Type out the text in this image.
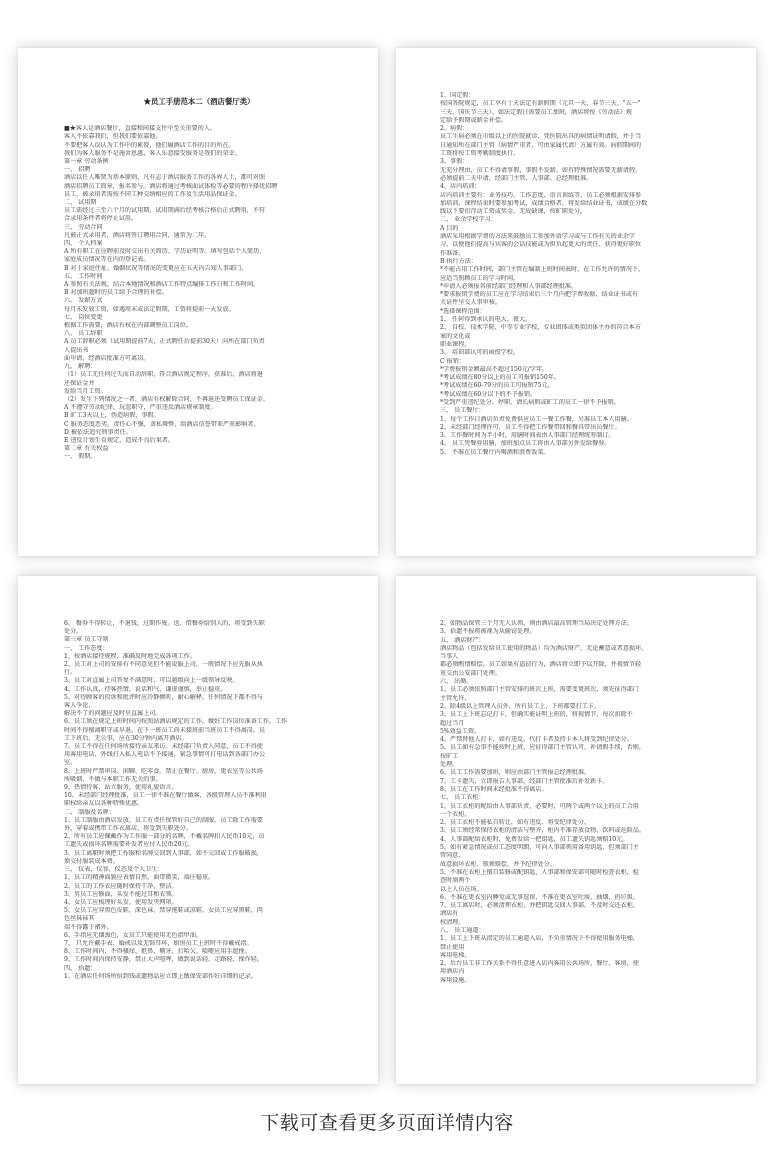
★员工手册范本二（酒店餐厅类）

■★客人是酒店餐厅，直接和间接支往中至关重要的人。
客人不依靠我们，但我们要依靠他。
不要把客人误认为工作中的累赘，他们履酒店工作的目的所在。
我们为客人服务不是施舍恩惠，客人乐意接受服务是我们的荣幸。
第一章 劳动条例
一、 招聘
酒店以任人唯贤为基本原则，凡有志于酒店服务工作的各界人士，都可对照
酒店招聘员工简章，报名参与。酒店将通过考核面试体检等必要的程序择优招聘
员工，被录用者需按不同工种交纳相应的工作及生活用品保证金。
二、 试用期
员工需经过三至六个月的试用期，试用期满后经考核合格后正式聘用，不符
合录用条件者将停止试用。
三、 劳动合同
凡被正式录用者，酒店将签订聘用合同，通常为二年。
四、 个人档案
A 所有职工在应聘前及时交出有关简历、学历证明等。填写包括个人简历、
家庭成员情况等在内的登记表。
B 对于家庭住址、婚姻状况等情况的变更应在五天内告知人事部门。
五、 工作时间
A 参照有关法规，结合本地情况和酒店工作特点编排工作日和工作时间。
B 对加班超时的员工给予合理的补偿。
六、 发薪方式
每月末发放工资，如遇周末或法定假期，工资将提前一天发放。
七、 岗位变更
根据工作需要，酒店有权在内部调整员工岗位。
八、 员工辞职
A 员工辞职必须（试用期提前7天，正式聘任后提前30天）向所在部门负责
人提出书
面申请，经酒店批准方可离岗。
九、 解聘：
（1）员工无任何过失而自动辞职，符合酒店规定程序，获准后，酒店将退
还保证金并
发给当月工资。
（2）发生下列情况之一者，酒店有权解除合同，不再退还受聘员工保证金。
A 不遵守劳动纪律，玩忽职守，严重违反酒店规章制度。
B 旷工3天以上，伪造病假，事假。
C 服务态度恶劣，责任心不强，贪私舞弊，给酒店信誉带来严重影响者。
D 被依法追究刑事责任。
E 违反计划生育规定，造成不良后果者。
第二章 有关权益
一、 假期。
1、国定假：
按国务院规定，员工享有十天法定有薪假期（元旦一天、春节三天、"五一"
三天、国庆节三天）。如法定假日需要员工加班，酒店将按《劳动法》规
定给予假期或薪金补偿。
2、病假：
员工生病必须在市级以上的医院就诊，凭医院出具的病情证明请假，并于当
日通知所在部门主管（病情严重者，可由家属代请）方属有效。病假期间的
工资将按工资考勤制度执行。
3、事假：
无充分理由，员工不得请事假，事假不发薪。如有特殊情况需要无薪请假，
必须提前二天申请，经部门主管、人事部、总经理批准。
4、店内培训：
店内培训主要有：业务技巧、工作态度、语言训练等，员工必须根据安排参
加培训，课程结束时要参加考试，成绩合格者，将发给结业证书，成绩在分数
线以下要扣浮动工资或奖金，无故缺课，按旷职处分。
二、 业余学校学习：
A 目的
酒店采用根据学费的方法来鼓励员工参加外语学习或与工作有关的业余学
习，以便他们提高与宾客的会话技能或为担负起更大的责任、获得更好职位
作准备。
B 执行方法：
*不能占用工作时间，部门主管在编制上班时间表时，在工作允许的情况下，
应适当照顾员工的学习时间。
*申请人必须报名前经部门经理和人事部经理批准。
*要求报销学费的员工应在学习结束后三个月内把学费收据、结业证书或有
关证件呈交人事审核。
*选择课程范围：
1、 任何得到承认的电大、夜大。
2、 自校、技术学院、中等专业学校、专业团体或类似团体主办的符合本方
案的文化或
职业课程。
3、 培训部认可的函授学校。
C 报销：
*学费报销金额最高不超过150元/学年。
*考试成绩在80分以上的员工可报销150年。
*考试成绩在60-79分的员工可报销75元。
*考试成绩在60分以下的不予报销。
*受到严重违纪处分、停职、请长病假或旷工的员工一律不予报销。
三、 员工餐厅：
1、每个工作日酒店负责免费供应员工一餐工作餐，另准员工本人用膳。
2、未经部门经理许可，员工不得把工作餐带回和餐具带出员餐厅。
3、工作餐时间为半小时，用膳时间表由人事部门经理统筹制订。
4、 员工凭餐券用膳，加班加点员工将由人事部另外发给餐券。
5、 不准在员工餐厅内喝酒和浪费饭菜。
6、 餐券不得转让，不退钱，过期作废。送、借餐券给别人的，将受到失职
处分。
第三章 员工守则
一、 工作态度：
1、按酒店接待规程，准确及时地完成各项工作。
2、员工对上司的安排有不同意见但不能说服上司，一般情况下应先服从执
行。
3、员工对直属上司答复不满意时，可以越级向上一级领导反映。
4、工作认真，待客热情，说话和气，谦虚谨慎，举止稳重。
5、对待顾客的投诉和批评时应冷静倾听，耐心解释，任何情况下都不得与
客人争论，
解决不了的问题应及时呈直属上司。
6、员工须在规定上班时间内按照站酒店规定的工作，做好工作岗位准备工作。工作
时间不得擅离职守或早退。在下一班员工尚未接班前当班员工不得离岗。员
工下班后，无公事，应在30分钟内离开酒店。
7、员工不得在任何场所接待亲友来访。未经部门负责人同意，员工不得使
用客用电话、外线打入私人电话不予接通，紧急事情可打电话到各部门办公
室。
8、上班时严禁串岗、闲聊、吃零食。禁止在餐厅、厨房、更衣室等公共场
所吸烟，不做与本职工作无关的事。
9、热情待客，站立服务，使用礼貌语言。
10、未经部门经理批准，员工一律不准在餐厅做客，各级管理人员不准利用
职权给亲友以各种特殊优惠。
二、 制服及名牌：
1、员工制服由酒店发放，员工有责任保管好自己的制服，员工除工作需要
外，穿着或携带工作衣离店，将受到失职处分。
2、所有员工应佩戴作为工作服一部分的名牌，不戴名牌扣人民币10元，员
工遗失或损坏名牌需要补发者应付人民币20元。
3、员工离职时须把工作服和名牌交回到人事部，如不交回或工作服破损，
须交付服装成本费。
三、 仪表、仪容、仪态及个人卫生：
1、员工的精神面貌应表情自然，面带微笑，端庄稳重。
2、员工的工作衣应随时保持干净，整洁。
3、男员工应修面，头发不能过耳和衣领。
4、女员工应梳理好头发，使用发夹网罩。
5、女员工应穿黑色皮鞋，深色袜，禁穿拖鞋或凉鞋。女员工应穿黑鞋，肉
色丝袜袜其
端不得露于裙外。
6、手指应无烟熏色，女员工只能使用无色指甲油。
7、 只允许戴手表、婚戒以及无饰耳环，厨房员工上班时不得戴戒指。
8、工作时间内，不得搔痒、抠鼻、剔牙、打哈欠、喷嚏应用手遮挽。
9、工作时间内保持安静，禁止大声喧哗，做到说话轻、走路轻、操作轻。
四、 拾遗：
1、在酒店任何场所拾到钱或遗物品应立即上缴保安部作好详细的记录。
2、如物品保管三个月无人认领，则由酒店最高管理当局决定处理方法。
3、拾遗不报将被视为从偷窃处理。
五、 酒店财产：
酒店物品（包括发给员工使用的物品）均为酒店财产，无论蓄意或者意损坏，
当事人
都必须酌情赔偿。员工如果有盗窃行为，酒店将立即予以开除，并视情节轻
重交由公安部门处理。
六、 出勤。
1、员工必须依照部门主管安排的班次上班，需要变更班次，须先征得部门
主管允许。
2、除4级以上管理人员外，所有员工上、下班都要打工卡。
3、员工上下班忘记打卡，但确实能证明上班的，将视情节，每次扣除不
超过当月
5%效益工资。
4、严禁替他人打卡，如有违反，代打卡者及持卡本人将受到纪律处分。
5、员工如有急事不能按时上班，应征得部门主管认可，补请假手续，否则，
按旷工
处理。
6、员工工作需要加班，则应由部门主管报总经理批准。
7、工卡遗失，立即报告人事部，经部门主管批准后补发新卡。
8、员工在工作时间未经批准不得离店。
七、 员工衣柜：
1、员工衣柜的配给由人事部负责，必要时，可两个或两个以上的员工合用
一个衣柜。
2、员工衣柜不能私自转让，如有违反，将受纪律处分。
3、员工须经常保持衣柜的清洁与整齐，柜内不准存放食物、饮料或危险品。
4、人事部配给衣柜时，免费发给一把钥匙，员工遗失钥匙须赔10元。
5、如有紧急情况或员工态度明朗，可向人事部领用备用钥匙，但须部门主
管同意，
故意损坏衣柜、锁须赔偿，并予纪律处分。
5、不准在衣柜上擅自装修或配钥匙，人事部和保安部可随时检查衣柜，检
查时须两个
以上人员在场。
6、不准在更衣室内睡觉或无事逗留，不准在更衣室吐痰、抽烟、扔垃圾。
7、员工离店时，必须清理衣柜，并把钥匙交回人事部，不及时交还衣柜，
酒店有
权清理。
八、 员工通道：
1、员工上下班从指定的员工通道入店，不负重情况下不得使用服务电梯，
禁止使用
客用电梯。
2、后台员工非工作关系不得任意进入店内客用公共场所、餐厅、客房，使
用酒店内
客用设施。
下载可查看更多页面详情内容
